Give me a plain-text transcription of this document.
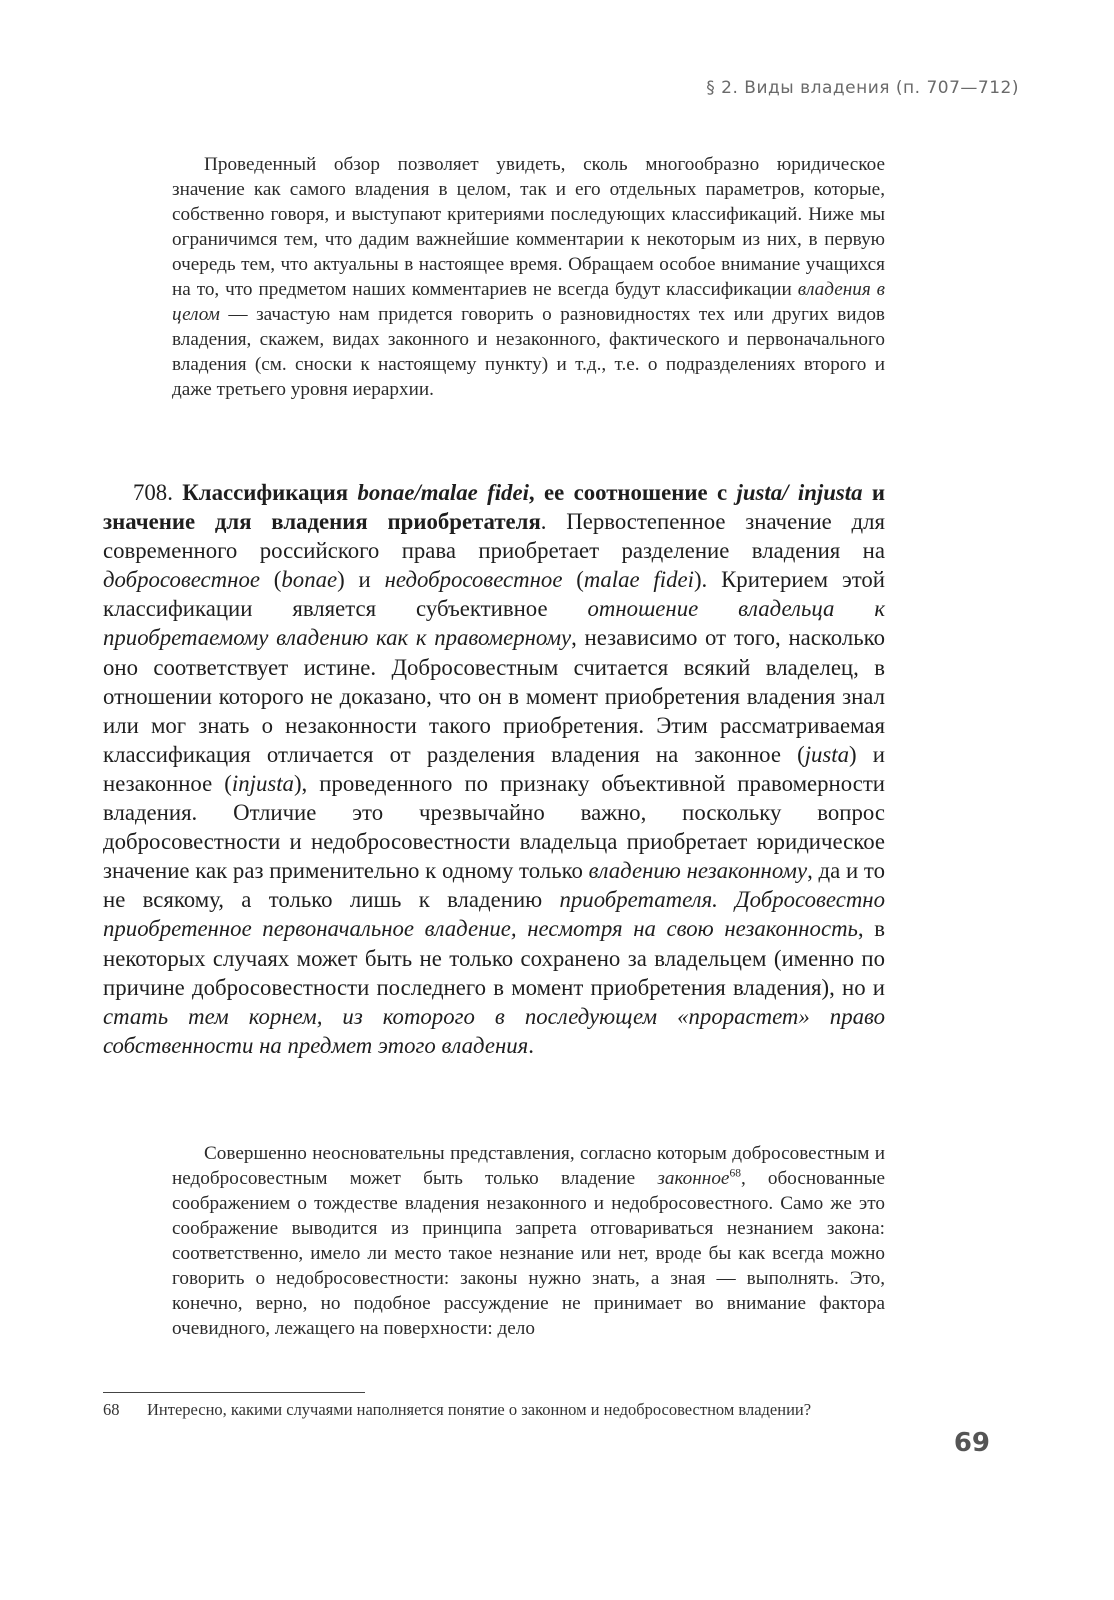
§ 2. Виды владения (п. 707—712)

Проведенный обзор позволяет увидеть, сколь многообразно юридическое значение как самого владения в целом, так и его отдельных параметров, которые, собственно говоря, и выступают критериями последующих классификаций. Ниже мы ограничимся тем, что дадим важнейшие комментарии к некоторым из них, в первую очередь тем, что актуальны в настоящее время. Обращаем особое внимание учащихся на то, что предметом наших комментариев не всегда будут классификации владения в целом — зачастую нам придется говорить о разновидностях тех или других видов владения, скажем, видах законного и незаконного, фактического и первоначального владения (см. сноски к настоящему пункту) и т.д., т.е. о подразделениях второго и даже третьего уровня иерархии.

708. Классификация bonae/malae fidei, ее соотношение с justa/ injusta и значение для владения приобретателя. Первостепенное значение для современного российского права приобретает разделение владения на добросовестное (bonae) и недобросовестное (malae fidei). Критерием этой классификации является субъективное отношение владельца к приобретаемому владению как к правомерному, независимо от того, насколько оно соответствует истине. Добросовестным считается всякий владелец, в отношении которого не доказано, что он в момент приобретения владения знал или мог знать о незаконности такого приобретения. Этим рассматриваемая классификация отличается от разделения владения на законное (justa) и незаконное (injusta), проведенного по признаку объективной правомерности владения. Отличие это чрезвычайно важно, поскольку вопрос добросовестности и недобросовестности владельца приобретает юридическое значение как раз применительно к одному только владению незаконному, да и то не всякому, а только лишь к владению приобретателя. Добросовестно приобретенное первоначальное владение, несмотря на свою незаконность, в некоторых случаях может быть не только сохранено за владельцем (именно по причине добросовестности последнего в момент приобретения владения), но и стать тем корнем, из которого в последующем «прорастет» право собственности на предмет этого владения.

Совершенно неосновательны представления, согласно которым добросовестным и недобросовестным может быть только владение законное$^{68}$, обоснованные соображением о тождестве владения незаконного и недобросовестного. Само же это соображение выводится из принципа запрета отговариваться незнанием закона: соответственно, имело ли место такое незнание или нет, вроде бы как всегда можно говорить о недобросовестности: законы нужно знать, а зная — выполнять. Это, конечно, верно, но подобное рассуждение не принимает во внимание фактора очевидного, лежащего на поверхности: дело

68 Интересно, какими случаями наполняется понятие о законном и недобросовестном владении?
69
